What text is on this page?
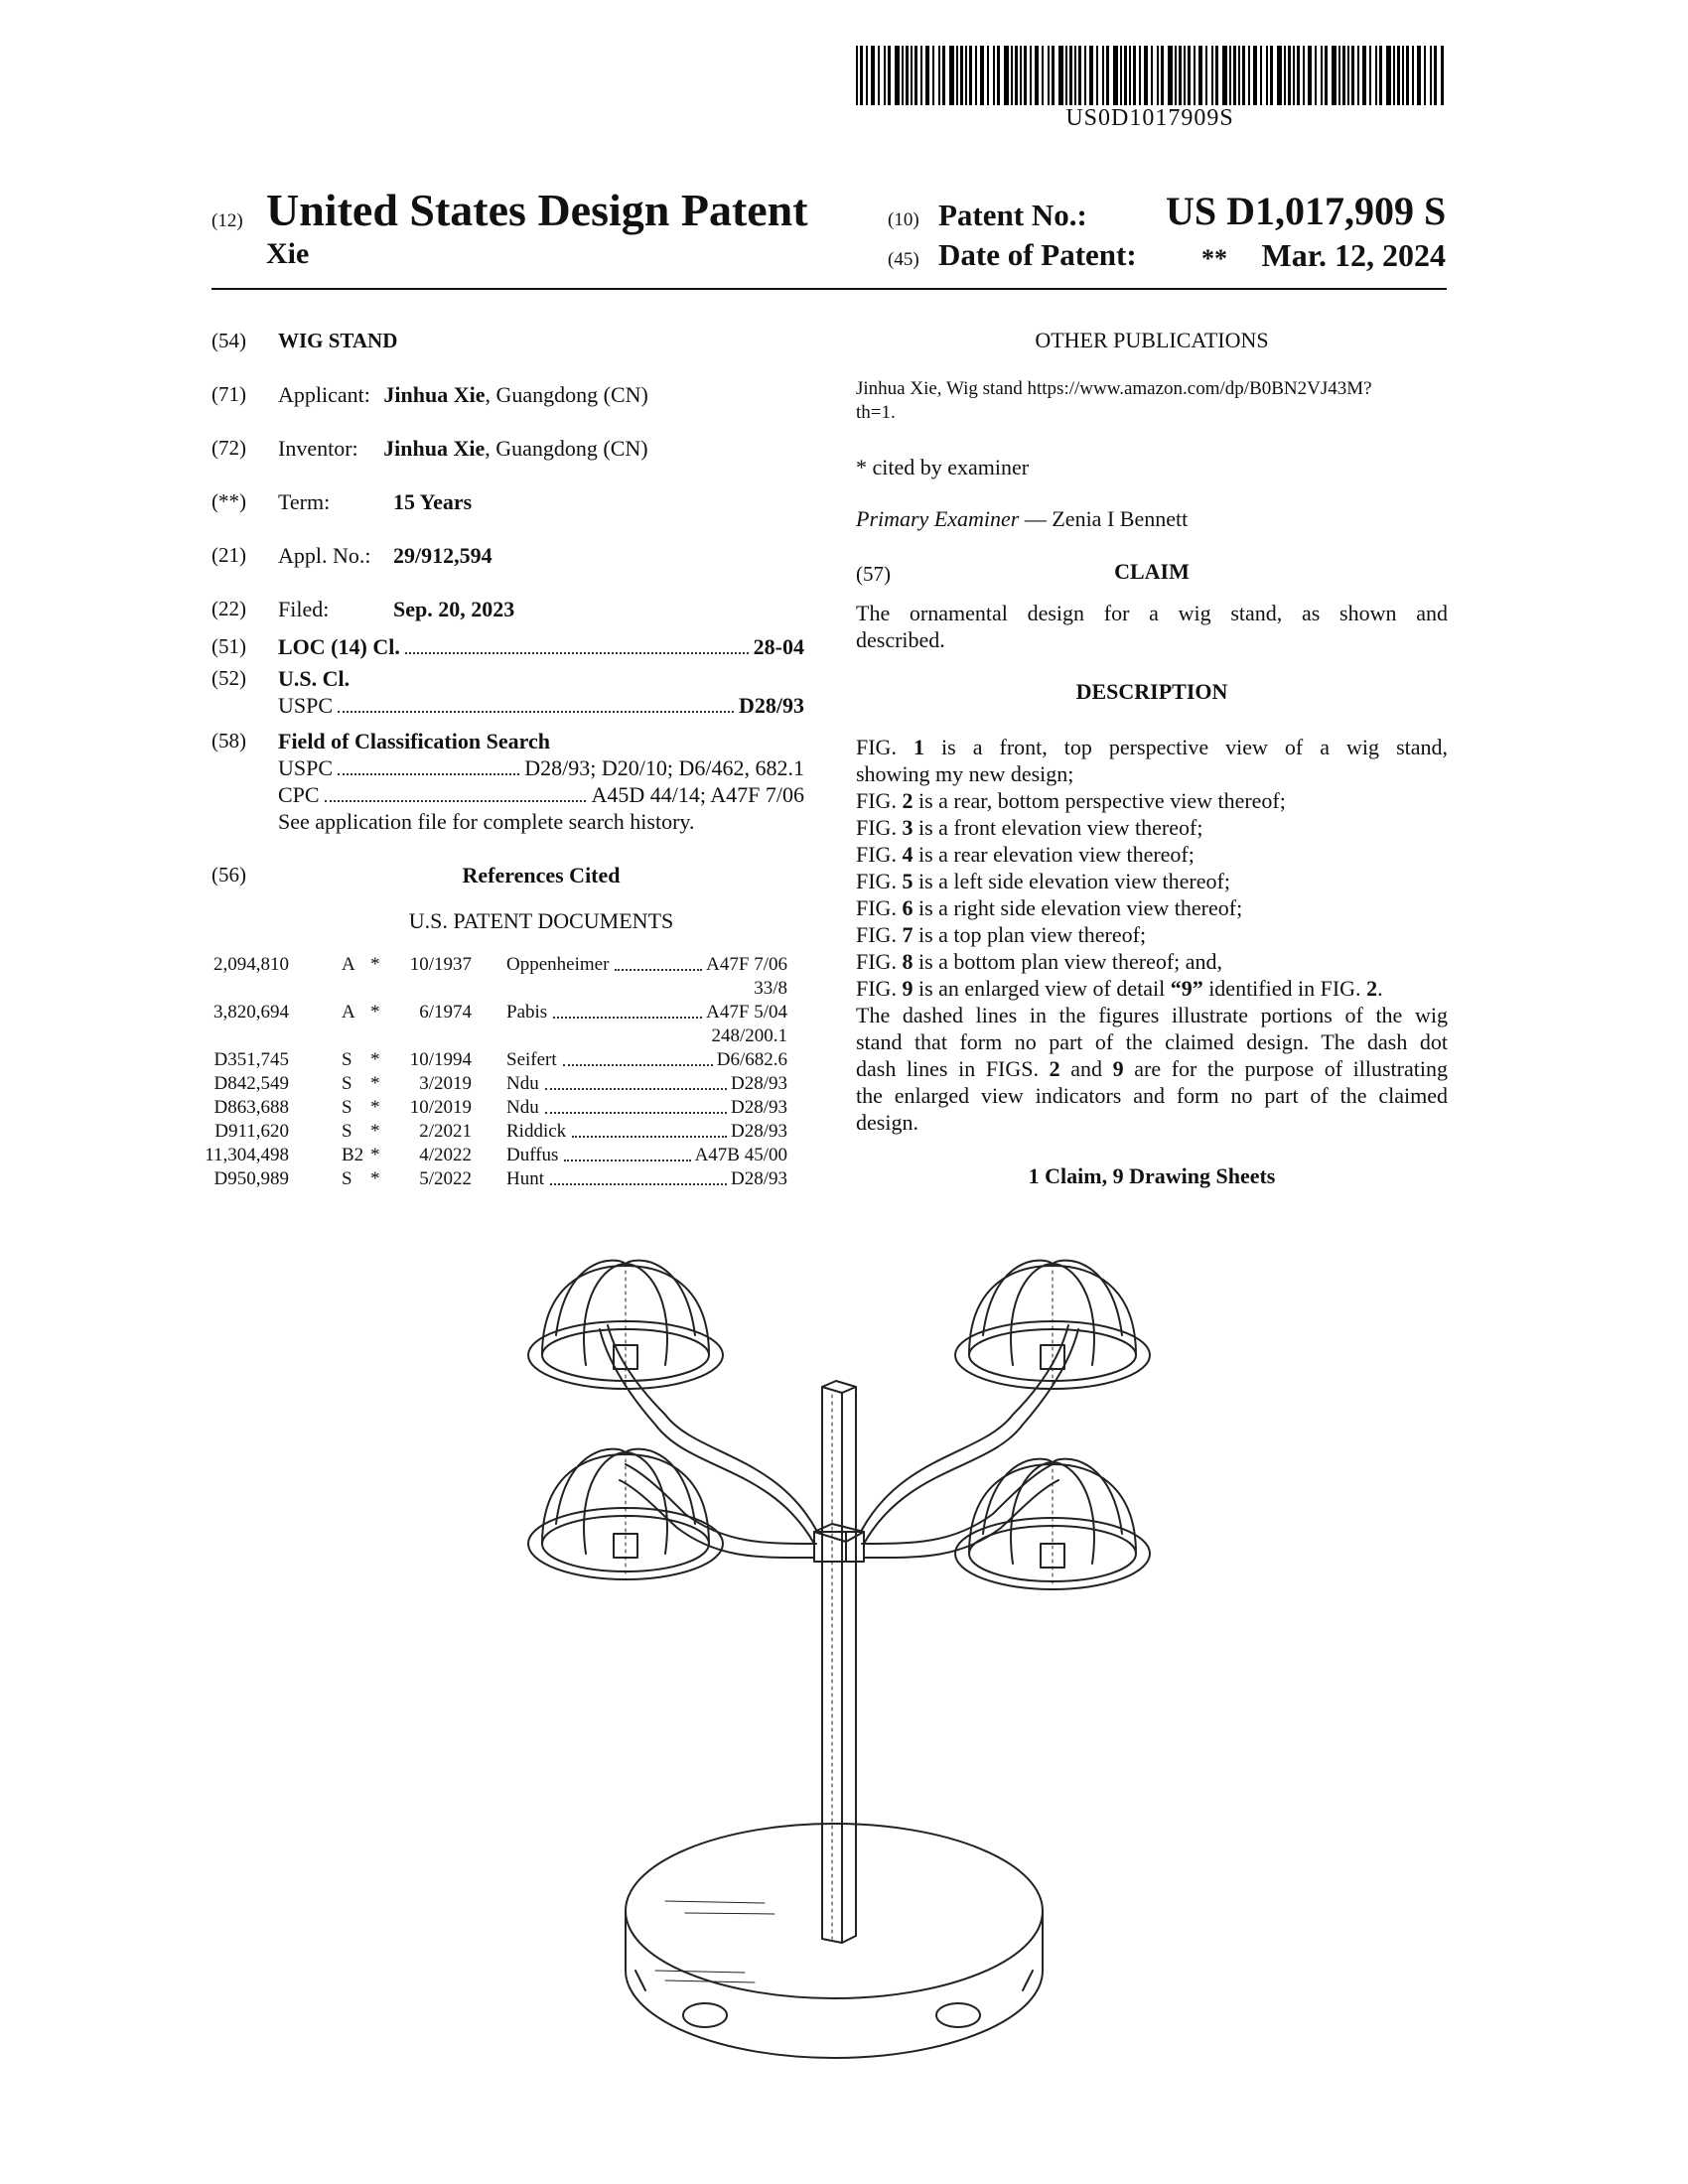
US0D1017909S
(12) United States Design Patent
Xie
(10) Patent No.: US D1,017,909 S
(45) Date of Patent:	**	Mar. 12, 2024
(54) WIG STAND
(71) Applicant: Jinhua Xie, Guangdong (CN)
(72) Inventor: Jinhua Xie, Guangdong (CN)
(**) Term:	15 Years
(21) Appl. No.: 29/912,594
(22) Filed:	Sep. 20, 2023
(51) LOC (14) Cl.	28-04
(52) U.S. Cl.
USPC	D28/93
(58) Field of Classification Search
USPC	D28/93; D20/10; D6/462, 682.1
CPC	A45D 44/14; A47F 7/06
See application file for complete search history.
(56)	References Cited
U.S. PATENT DOCUMENTS
2,094,810	A * 10/1937 Oppenheimer	A47F 7/06
33/8
3,820,694	A * 6/1974 Pabis	A47F 5/04
248/200.1
D351,745	S * 10/1994 Seifert	D6/682.6
D842,549	S * 3/2019 Ndu	D28/93
D863,688	S * 10/2019 Ndu	D28/93
D911,620	S * 2/2021 Riddick	D28/93
11,304,498	B2 * 4/2022 Duffus	A47B 45/00
D950,989	S * 5/2022 Hunt	D28/93
OTHER PUBLICATIONS
Jinhua Xie, Wig stand https://www.amazon.com/dp/B0BN2VJ43M?
th=1.
* cited by examiner
Primary Examiner — Zenia I Bennett
(57)	CLAIM
The ornamental design for a wig stand, as shown and
described.
DESCRIPTION
FIG. 1 is a front, top perspective view of a wig stand,
showing my new design;
FIG. 2 is a rear, bottom perspective view thereof;
FIG. 3 is a front elevation view thereof;
FIG. 4 is a rear elevation view thereof;
FIG. 5 is a left side elevation view thereof;
FIG. 6 is a right side elevation view thereof;
FIG. 7 is a top plan view thereof;
FIG. 8 is a bottom plan view thereof; and,
FIG. 9 is an enlarged view of detail “9” identified in FIG. 2.
The dashed lines in the figures illustrate portions of the wig
stand that form no part of the claimed design. The dash dot
dash lines in FIGS. 2 and 9 are for the purpose of illustrating
the enlarged view indicators and form no part of the claimed
design.
1 Claim, 9 Drawing Sheets
